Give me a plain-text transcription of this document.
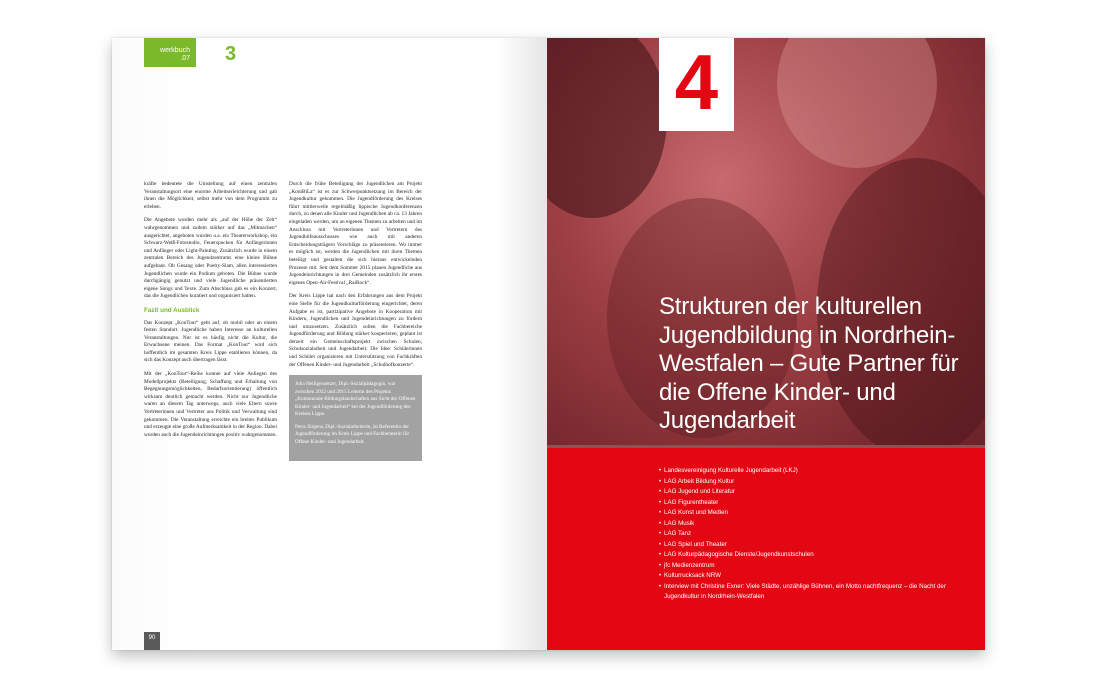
werkbuch
.07 3

kräfte bedeutete die Umstellung auf einen zentralen Veranstaltungsort eine enorme Arbeitserleichterung und gab ihnen die Möglichkeit, selbst mehr von dem Programm zu erleben.

Die Angebote wurden mehr als „auf der Höhe der Zeit“ wahrgenommen und zudem stärker auf das „Mitmachen“ ausgerichtet, angeboten wurden u.a. ein Theaterworkshop, ein Schwarz-Weiß-Fotostudio, Feuerspucken für Anfängerinnen und Anfänger oder Light-Painting. Zusätzlich wurde in einem zentralen Bereich des Jugendzentrums eine kleine Bühne aufgebaut. Ob Gesang oder Poetry-Slam, allen interessierten Jugendlichen wurde ein Podium geboten. Die Bühne wurde durchgängig genutzt und viele Jugendliche präsentierten eigene Songs und Texte. Zum Abschluss gab es ein Konzert, das die Jugendlichen kuratiert und organisiert hatten.

Fazit und Ausblick

Das Konzept „KonTour“ geht auf, ob mobil oder an einem festen Standort. Jugendliche haben Interesse an kulturellen Veranstaltungen. Nur ist es häufig nicht die Kultur, die Erwachsene meinen. Das Format „KonTour“ wird sich hoffentlich im gesamten Kreis Lippe etablieren können, da sich das Konzept auch übertragen lässt.

Mit der „KonTour“-Reihe konnte auf viele Anliegen des Modellprojekts (Beteiligung, Schaffung und Erhaltung von Begegnungsmöglichkeiten, Bedarfsorientierung) öffentlich wirksam deutlich gemacht werden. Nicht nur Jugendliche waren an diesem Tag unterwegs, auch viele Eltern sowie Vertreterinnen und Vertreter aus Politik und Verwaltung sind gekommen. Die Veranstaltung erreichte ein breites Publikum und erzeugte eine große Aufmerksamkeit in der Region. Dabei wurden auch die Jugendeinrichtungen positiv wahrgenommen.

Durch die frühe Beteiligung der Jugendlichen am Projekt „KomBiLa“ ist es zur Schwerpunktsetzung im Bereich der Jugendkultur gekommen. Die Jugendförderung des Kreises führt mittlerweile regelmäßig lippische Jugendkonferenzen durch, zu denen alle Kinder und Jugendlichen ab ca. 13 Jahren eingeladen werden, um an eigenen Themen zu arbeiten und im Anschluss mit Vertreterinnen und Vertretern des Jugendhilfeausschusses wie auch mit anderen Entscheidungsträgern Vorschläge zu präsentieren. Wo immer es möglich ist, werden die Jugendlichen mit ihren Themen beteiligt und gestalten die sich hieraus entwickelnden Prozesse mit. Seit dem Sommer 2015 planen Jugendliche aus Jugendeinrichtungen in drei Gemeinden zusätzlich ihr erstes eigenes Open-Air-Festival „RaiRock“.

Der Kreis Lippe hat nach den Erfahrungen aus dem Projekt eine Stelle für die Jugendkulturförderung eingerichtet, deren Aufgabe es ist, partizipative Angebote in Kooperation mit Kindern, Jugendlichen und Jugendeinrichtungen zu fördern und umzusetzen. Zusätzlich sollen die Fachbereiche Jugendförderung und Bildung stärker kooperieren, geplant ist derzeit ein Gemeinschaftsprojekt zwischen Schulen, Schulsozialarbeit und Jugendarbeit. Die Idee: Schülerinnen und Schüler organisieren mit Unterstützung von Fachkräften der Offenen Kinder- und Jugendarbeit „Schulhofkonzerte“.

Julia Heiligensetzer, Dipl.-Sozialpädagogin, war zwischen 2012 und 2015 Leiterin des Projekts „Kommunale Bildungslandschaften aus Sicht der Offenen Kinder- und Jugendarbeit“ bei der Jugendförderung des Kreises Lippe.

Petra Jürgens, Dipl.-Sozialarbeiterin, ist Referentin der Jugendförderung im Kreis Lippe und Fachberaterin für Offene Kinder- und Jugendarbeit.

90
4
Strukturen der kulturellen Jugendbildung in Nordrhein-Westfalen – Gute Partner für die Offene Kinder- und Jugendarbeit
• Landesvereinigung Kulturelle Jugendarbeit (LKJ)
• LAG Arbeit Bildung Kultur
• LAG Jugend und Literatur
• LAG Figurentheater
• LAG Kunst und Medien
• LAG Musik
• LAG Tanz
• LAG Spiel und Theater
• LAG Kulturpädagogische Dienste/Jugendkunstschulen
• jfc Medienzentrum
• Kulturrucksack NRW
• Interview mit Christine Exner: Viele Städte, unzählige Bühnen, ein Motto nachtfrequenz – die Nacht der Jugendkultur in Nordrhein-Westfalen
